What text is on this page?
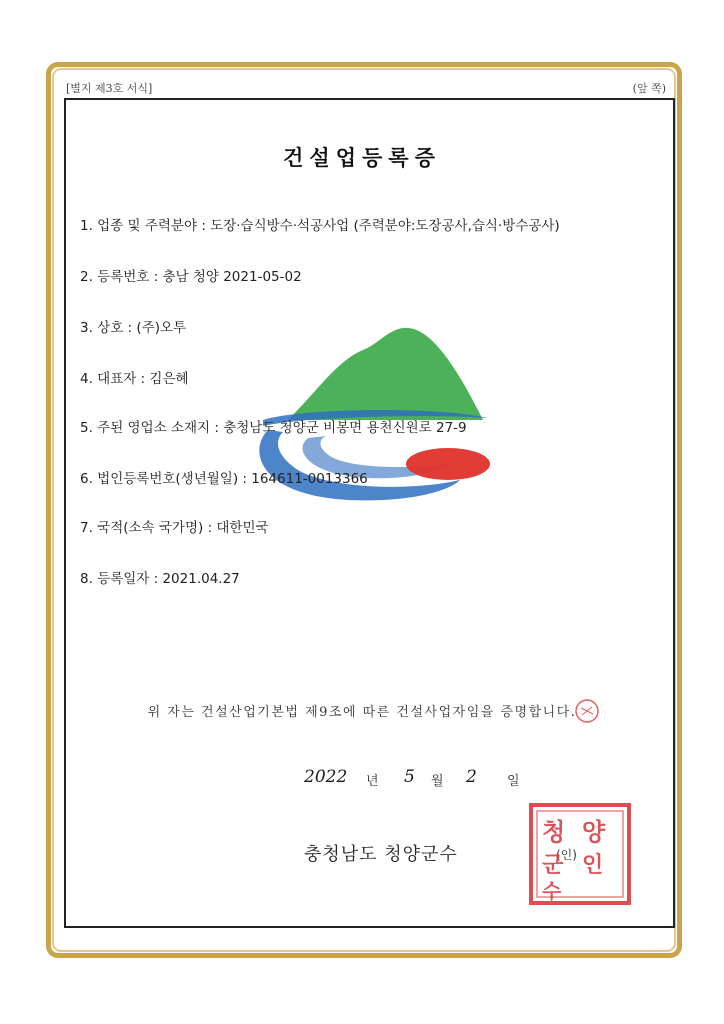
[별지 제3호 서식]	(앞 쪽)
건설업등록증
1. 업종 및 주력분야 : 도장·습식방수·석공사업 (주력분야:도장공사,습식·방수공사)
2. 등록번호 : 충남 청양 2021-05-02
3. 상호 : (주)오투
4. 대표자 : 김은혜
5. 주된 영업소 소재지 : 충청남도 청양군 비봉면 용천신원로 27-9
6. 법인등록번호(생년월일) : 164611-0013366
7. 국적(소속 국가명) : 대한민국
8. 등록일자 : 2021.04.27
위 자는 건설산업기본법 제9조에 따른 건설사업자임을 증명합니다.
2022 년 5 월 2 일
충청남도 청양군수	(인)
청 양
군 인
수
